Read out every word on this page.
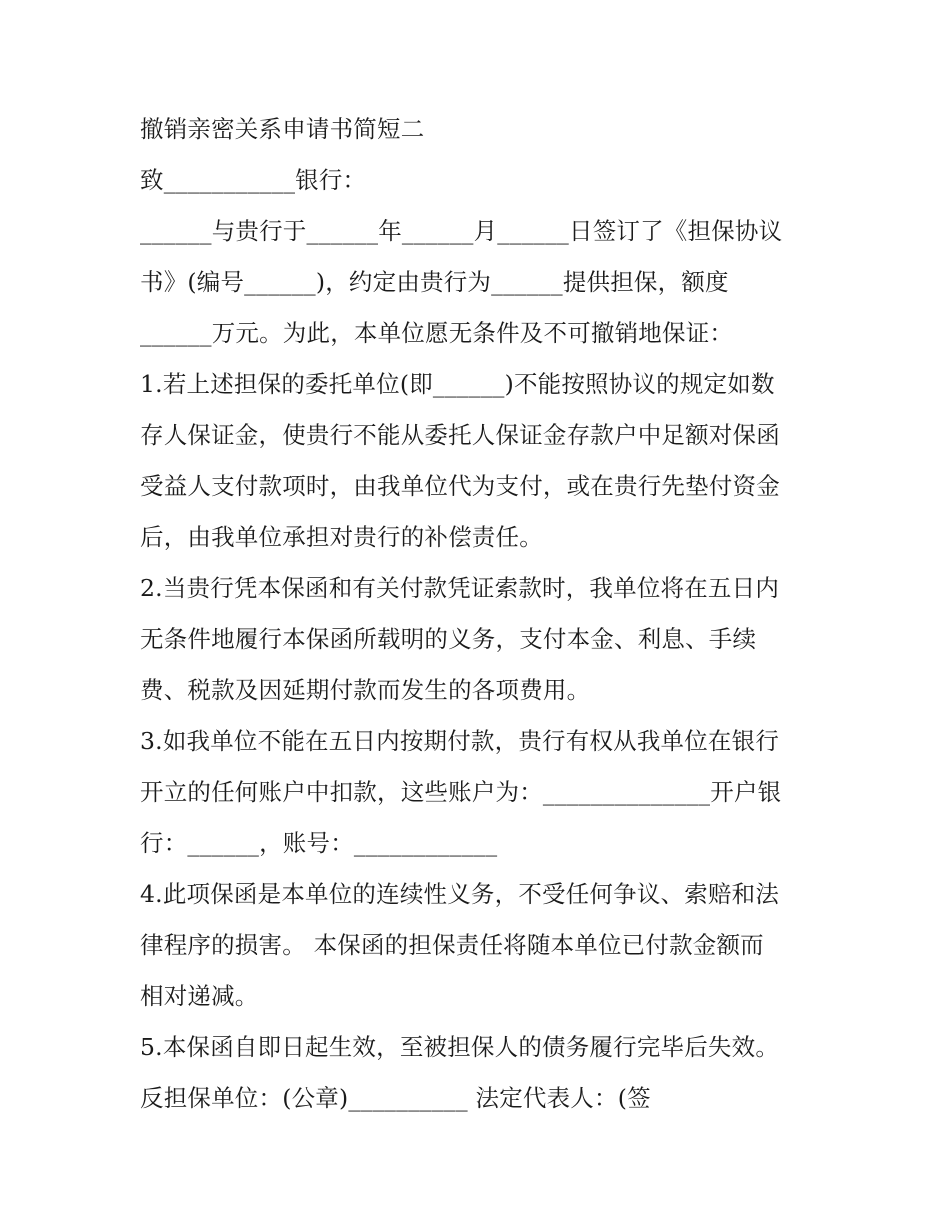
撤销亲密关系申请书简短二

致___________银行：

______与贵行于______年______月______日签订了《担保协议

书》(编号______)，约定由贵行为______提供担保，额度

______万元。为此，本单位愿无条件及不可撤销地保证：

1.若上述担保的委托单位(即______)不能按照协议的规定如数

存人保证金，使贵行不能从委托人保证金存款户中足额对保函

受益人支付款项时，由我单位代为支付，或在贵行先垫付资金

后，由我单位承担对贵行的补偿责任。

2.当贵行凭本保函和有关付款凭证索款时，我单位将在五日内

无条件地履行本保函所载明的义务，支付本金、利息、手续

费、税款及因延期付款而发生的各项费用。

3.如我单位不能在五日内按期付款，贵行有权从我单位在银行

开立的任何账户中扣款，这些账户为：______________开户银

行：______，账号：____________

4.此项保函是本单位的连续性义务，不受任何争议、索赔和法

律程序的损害。 本保函的担保责任将随本单位已付款金额而

相对递减。

5.本保函自即日起生效，至被担保人的债务履行完毕后失效。

反担保单位：(公章)__________ 法定代表人：(签
